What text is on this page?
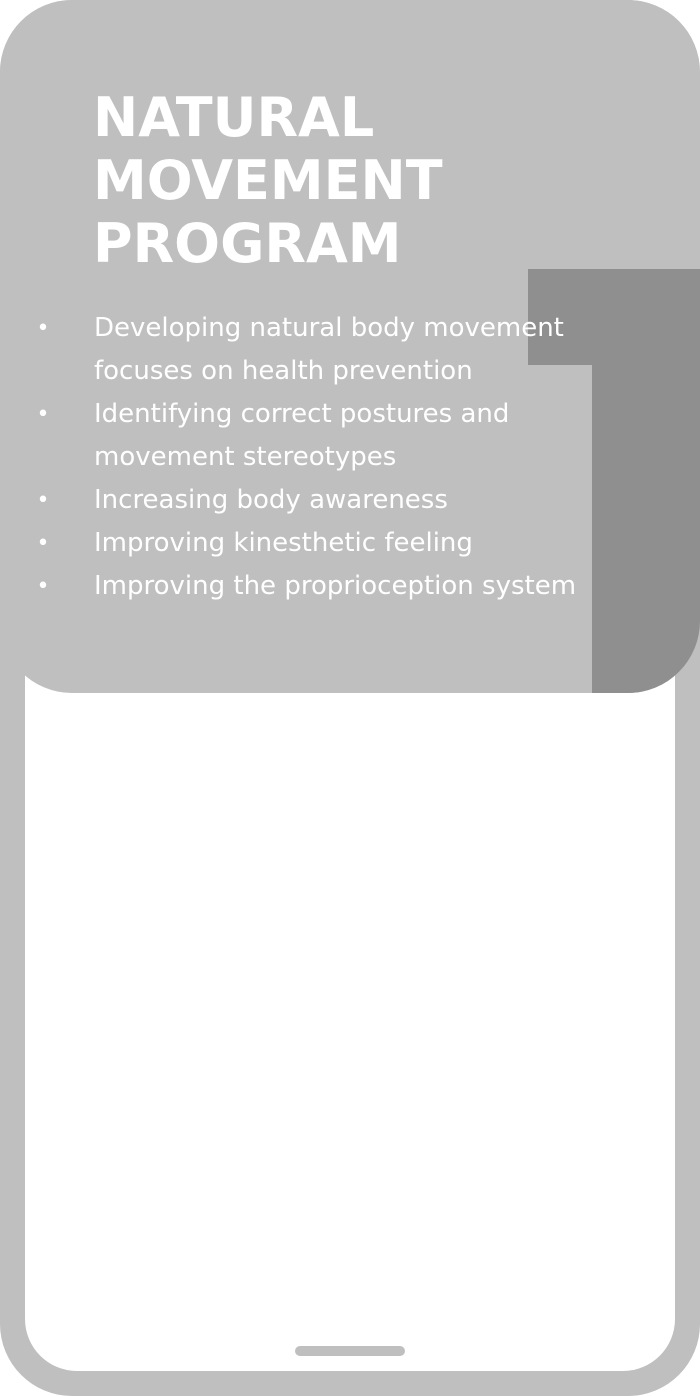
NATURAL
MOVEMENT
PROGRAM
• Developing natural body movement
focuses on health prevention
• Identifying correct postures and
movement stereotypes
• Increasing body awareness
• Improving kinesthetic feeling
• Improving the proprioception system
